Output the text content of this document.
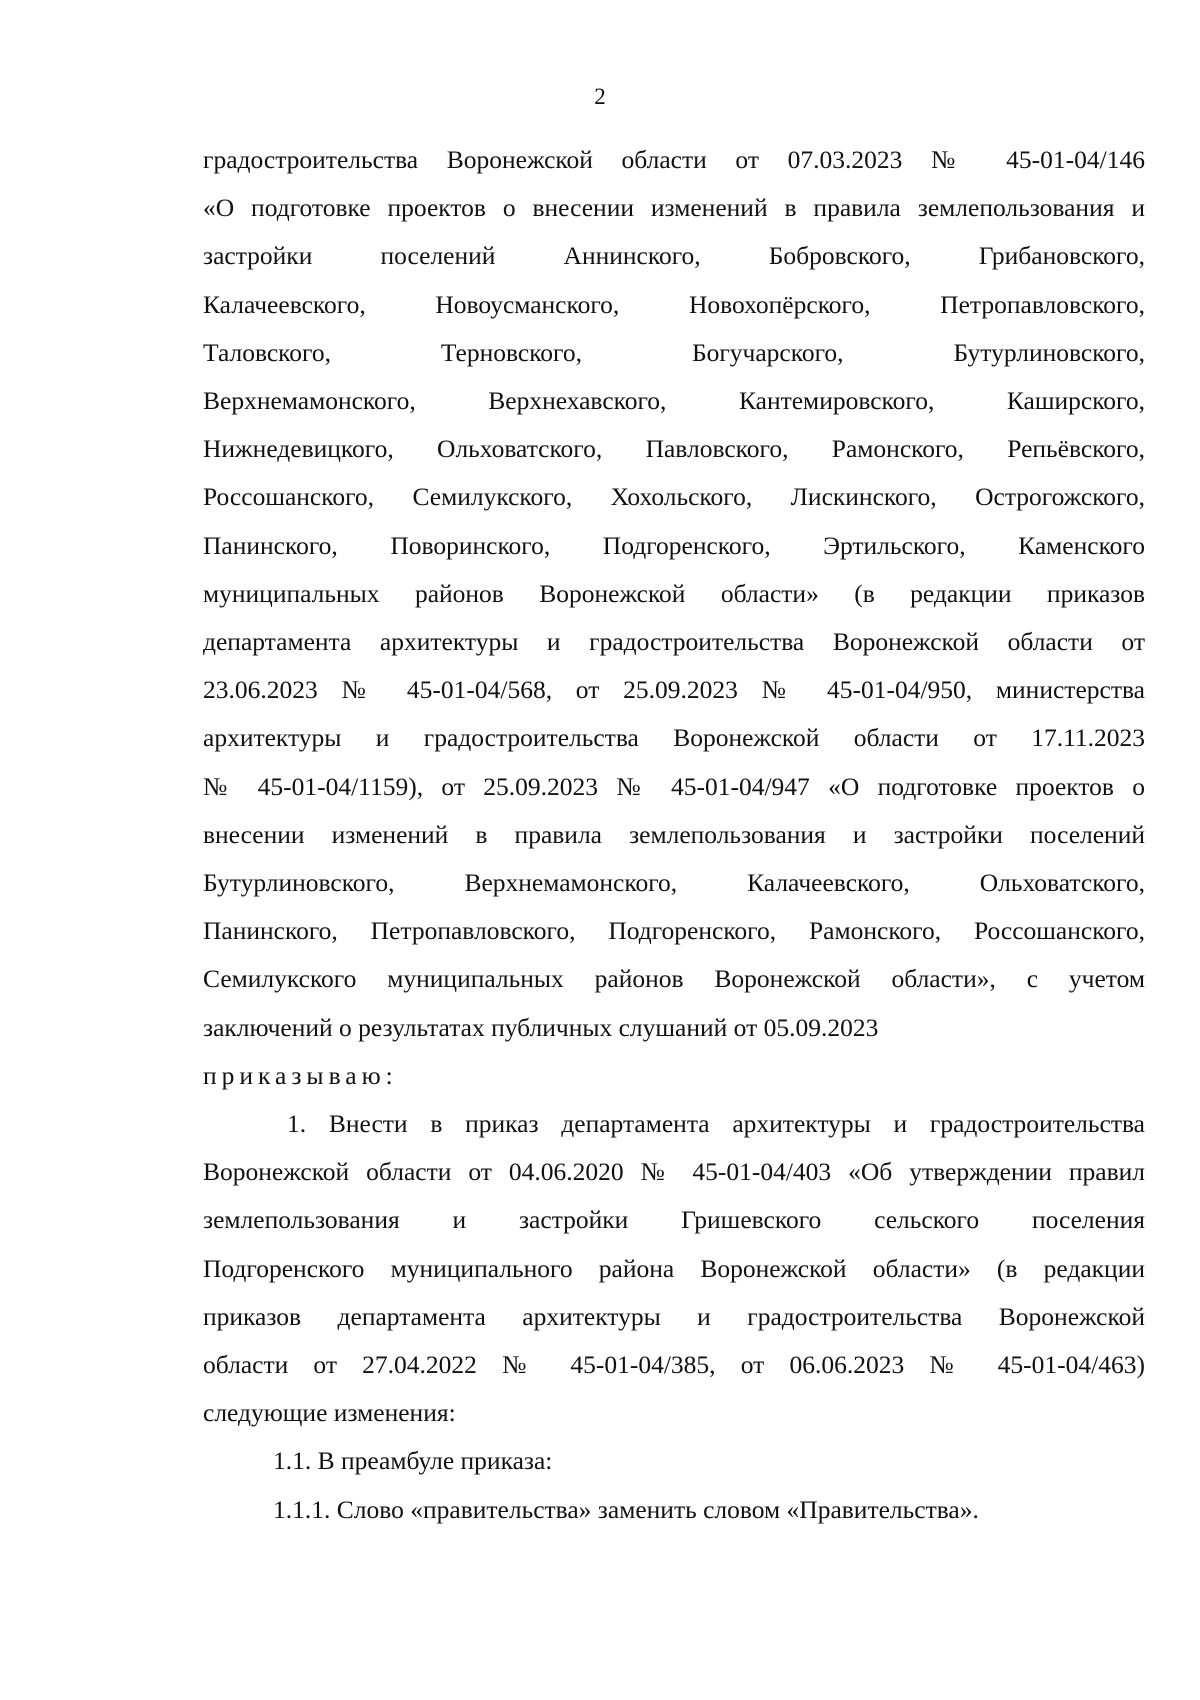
2

градостроительства Воронежской области от 07.03.2023 № 45-01-04/146

«О подготовке проектов о внесении изменений в правила землепользования и

застройки поселений Аннинского, Бобровского, Грибановского,

Калачеевского, Новоусманского, Новохопёрского, Петропавловского,

Таловского, Терновского, Богучарского, Бутурлиновского,

Верхнемамонского, Верхнехавского, Кантемировского, Каширского,

Нижнедевицкого, Ольховатского, Павловского, Рамонского, Репьёвского,

Россошанского, Семилукского, Хохольского, Лискинского, Острогожского,

Панинского, Поворинского, Подгоренского, Эртильского, Каменского

муниципальных районов Воронежской области» (в редакции приказов

департамента архитектуры и градостроительства Воронежской области от

23.06.2023 № 45-01-04/568, от 25.09.2023 № 45-01-04/950, министерства

архитектуры и градостроительства Воронежской области от 17.11.2023

№ 45-01-04/1159), от 25.09.2023 № 45-01-04/947 «О подготовке проектов о

внесении изменений в правила землепользования и застройки поселений

Бутурлиновского, Верхнемамонского, Калачеевского, Ольховатского,

Панинского, Петропавловского, Подгоренского, Рамонского, Россошанского,

Семилукского муниципальных районов Воронежской области», с учетом

заключений о результатах публичных слушаний от 05.09.2023

приказываю:

1. Внести в приказ департамента архитектуры и градостроительства

Воронежской области от 04.06.2020 № 45-01-04/403 «Об утверждении правил

землепользования и застройки Гришевского сельского поселения

Подгоренского муниципального района Воронежской области» (в редакции

приказов департамента архитектуры и градостроительства Воронежской

области от 27.04.2022 № 45-01-04/385, от 06.06.2023 № 45-01-04/463)

следующие изменения:

1.1. В преамбуле приказа:

1.1.1. Слово «правительства» заменить словом «Правительства».
